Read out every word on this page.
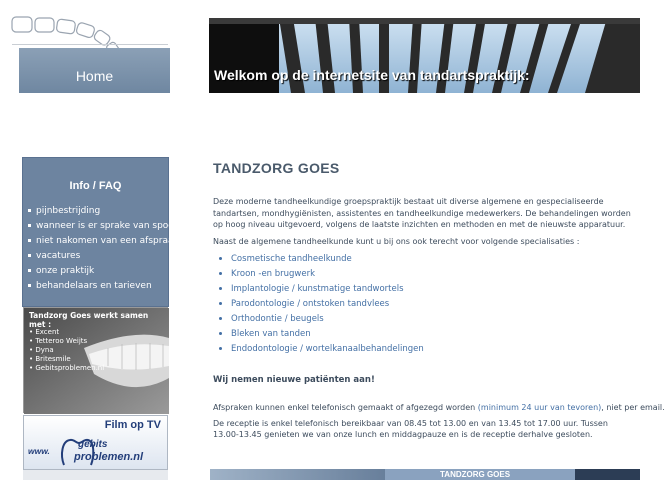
Home	Welkom op de internetsite van tandartspraktijk:
Info / FAQ
pijnbestrijding
wanneer is er sprake van spoed?
niet nakomen van een afspraak
vacatures
onze praktijk
behandelaars en tarieven
Tandzorg Goes werkt samen met :
• Excent
• Tetteroo Weijts
• Dyna
• Britesmile
• Gebitsproblemen.nl
Film op TV
www.
gebits
problemen.nl
TANDZORG GOES

Deze moderne tandheelkundige groepspraktijk bestaat uit diverse algemene en gespecialiseerde tandartsen, mondhygiënisten, assistentes en tandheelkundige medewerkers. De behandelingen worden op hoog niveau uitgevoerd, volgens de laatste inzichten en methoden en met de nieuwste apparatuur.

Naast de algemene tandheelkunde kunt u bij ons ook terecht voor volgende specialisaties :

Cosmetische tandheelkunde
Kroon -en brugwerk
Implantologie / kunstmatige tandwortels
Parodontologie / ontstoken tandvlees
Orthodontie / beugels
Bleken van tanden
Endodontologie / wortelkanaalbehandelingen

Wij nemen nieuwe patiënten aan!

Afspraken kunnen enkel telefonisch gemaakt of afgezegd worden (minimum 24 uur van tevoren), niet per email.

De receptie is enkel telefonisch bereikbaar van 08.45 tot 13.00 en van 13.45 tot 17.00 uur. Tussen 13.00-13.45 genieten we van onze lunch en middagpauze en is de receptie derhalve gesloten.

TANDZORG GOES
